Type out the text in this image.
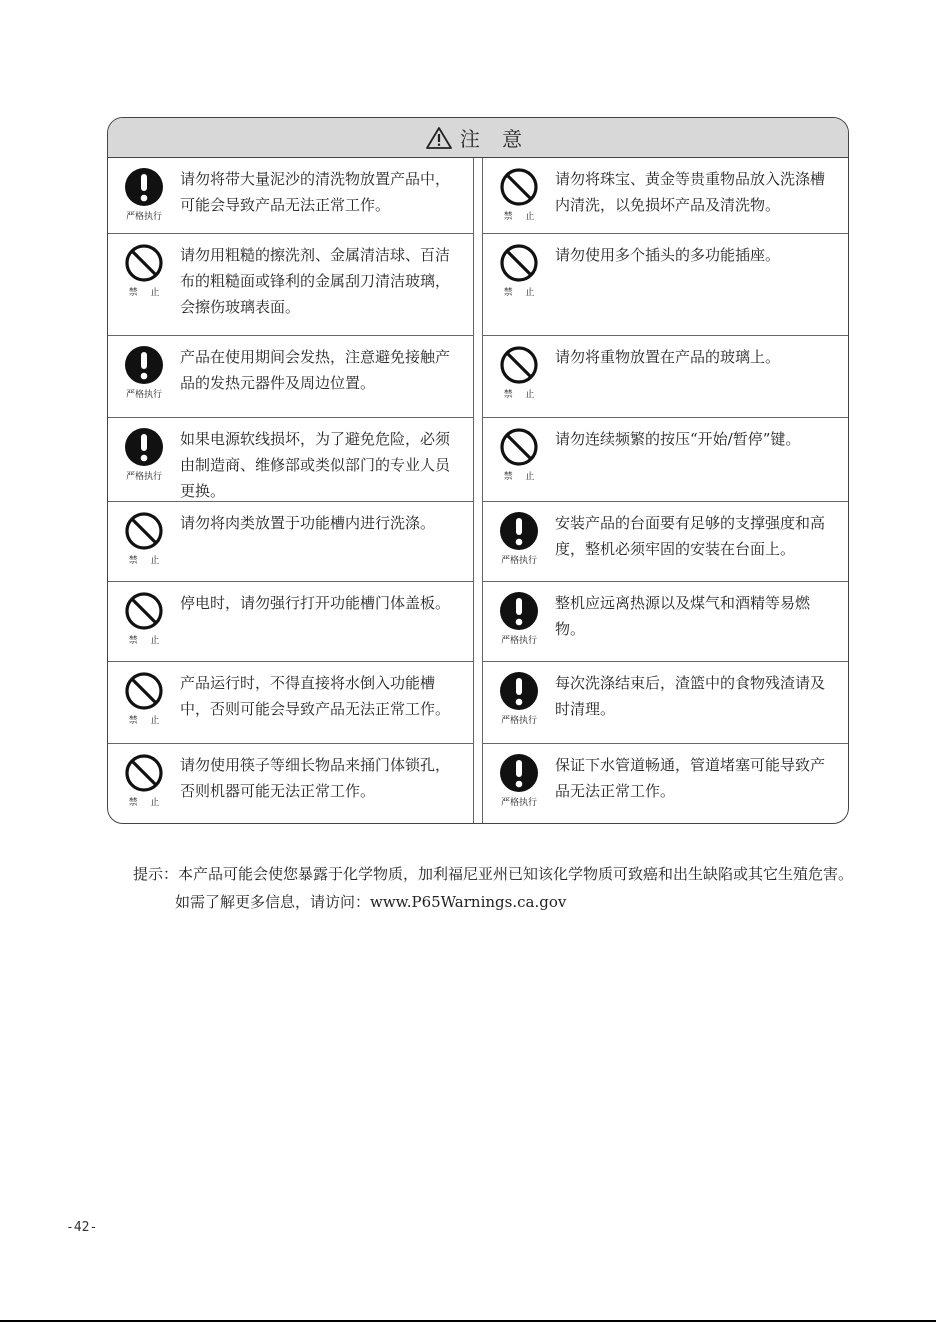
注 意
严格执行
请勿将带大量泥沙的清洗物放置产品中，可能会导致产品无法正常工作。
禁 止
请勿用粗糙的擦洗剂、金属清洁球、百洁布的粗糙面或锋利的金属刮刀清洁玻璃，会擦伤玻璃表面。
严格执行
产品在使用期间会发热，注意避免接触产品的发热元器件及周边位置。
严格执行
如果电源软线损坏，为了避免危险，必须由制造商、维修部或类似部门的专业人员更换。
禁 止
请勿将肉类放置于功能槽内进行洗涤。
禁 止
停电时，请勿强行打开功能槽门体盖板。
禁 止
产品运行时，不得直接将水倒入功能槽中，否则可能会导致产品无法正常工作。
禁 止
请勿使用筷子等细长物品来捅门体锁孔，否则机器可能无法正常工作。
禁 止
请勿将珠宝、黄金等贵重物品放入洗涤槽内清洗，以免损坏产品及清洗物。
禁 止
请勿使用多个插头的多功能插座。
禁 止
请勿将重物放置在产品的玻璃上。
禁 止
请勿连续频繁的按压“开始/暂停”键。
严格执行
安装产品的台面要有足够的支撑强度和高度，整机必须牢固的安装在台面上。
严格执行
整机应远离热源以及煤气和酒精等易燃物。
严格执行
每次洗涤结束后，渣篮中的食物残渣请及时清理。
严格执行
保证下水管道畅通，管道堵塞可能导致产品无法正常工作。
提示：本产品可能会使您暴露于化学物质，加利福尼亚州已知该化学物质可致癌和出生缺陷或其它生殖危害。
如需了解更多信息，请访问：www.P65Warnings.ca.gov
-42-
